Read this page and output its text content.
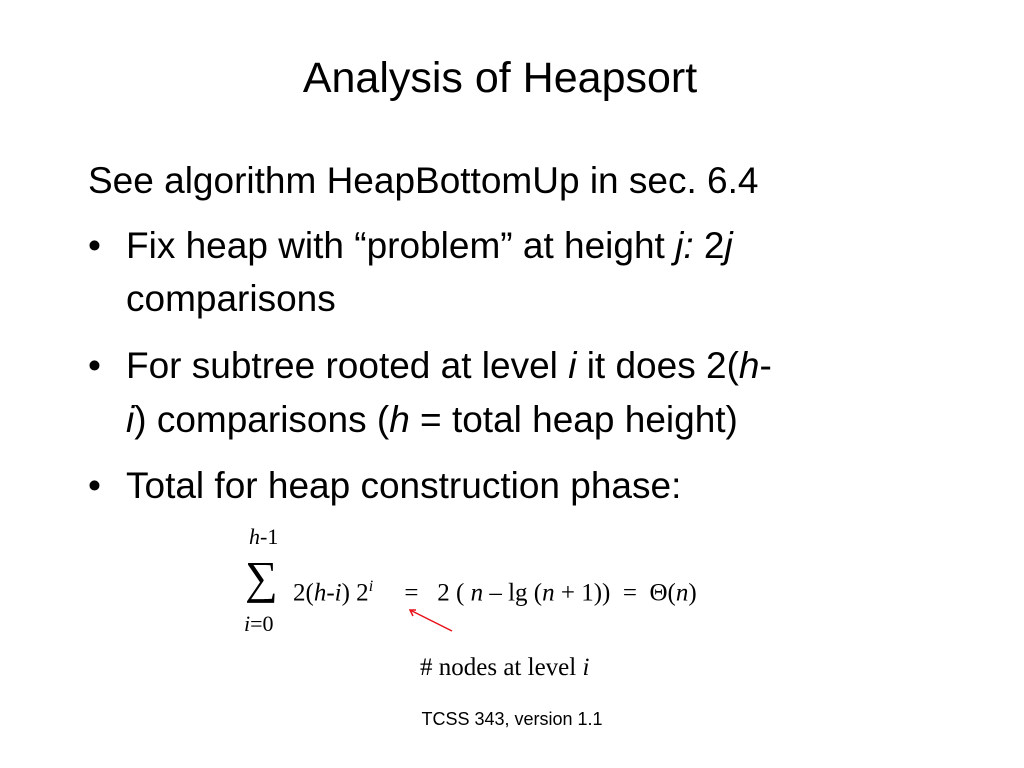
Analysis of Heapsort
See algorithm HeapBottomUp in sec. 6.4
• Fix heap with “problem” at height j: 2j
comparisons
• For subtree rooted at level i it does 2(h-
i) comparisons (h = total heap height)
• Total for heap construction phase:
h-1
∑
i=0
2(h-i) 2$^i$     =   2 ( n – lg (n + 1))  =  Θ(n)
# nodes at level i
TCSS 343, version 1.1
